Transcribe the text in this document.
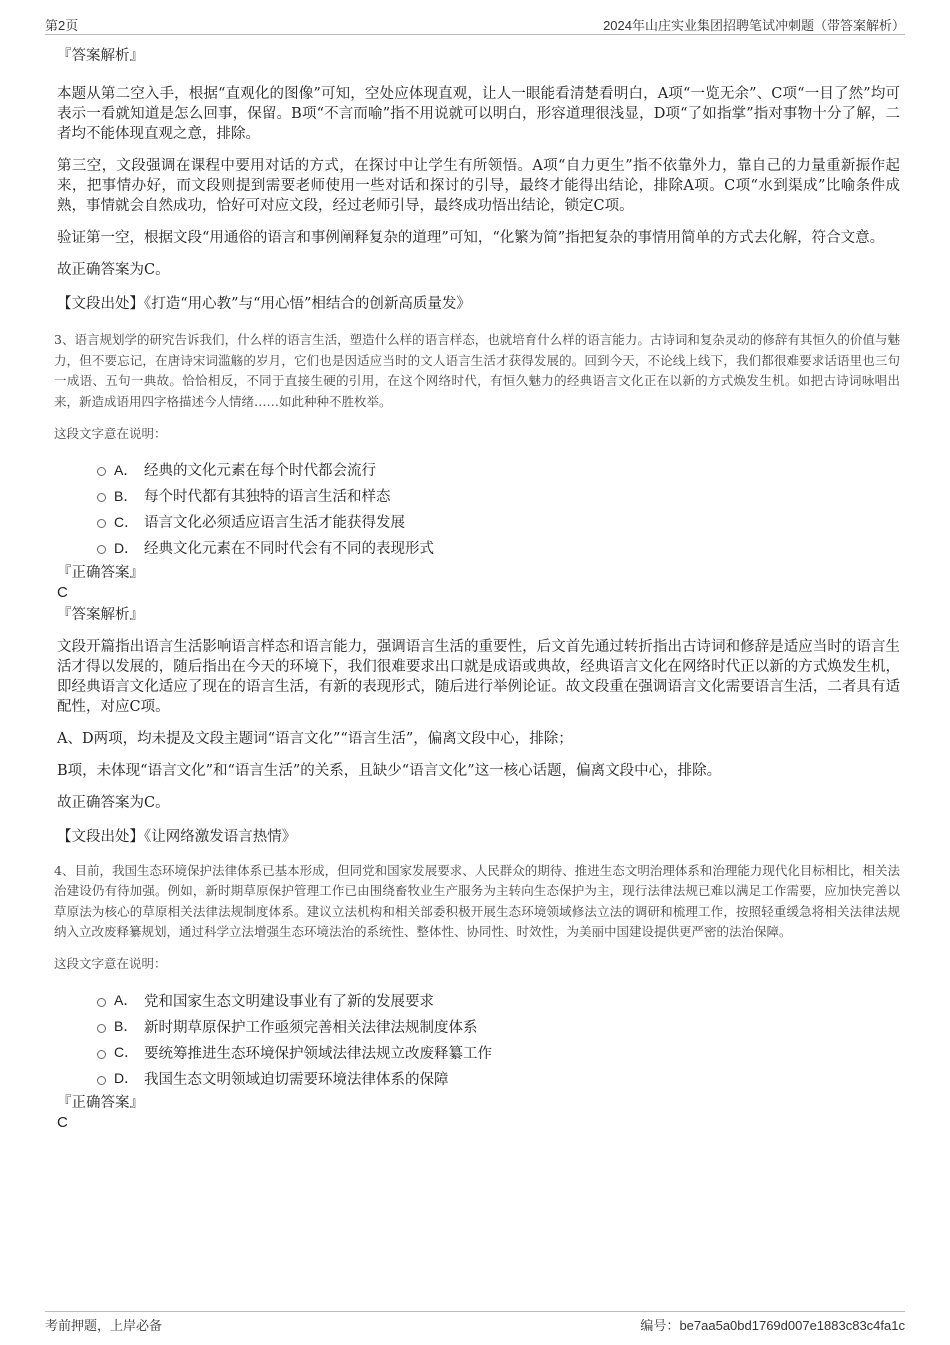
第2页	2024年山庄实业集团招聘笔试冲刺题（带答案解析）

『答案解析』

本题从第二空入手，根据“直观化的图像”可知，空处应体现直观，让人一眼能看清楚看明白，A项“一览无余”、C项“一目了然”均可表示一看就知道是怎么回事，保留。B项“不言而喻”指不用说就可以明白，形容道理很浅显，D项“了如指掌”指对事物十分了解，二者均不能体现直观之意，排除。

第三空，文段强调在课程中要用对话的方式，在探讨中让学生有所领悟。A项“自力更生”指不依靠外力，靠自己的力量重新振作起来，把事情办好，而文段则提到需要老师使用一些对话和探讨的引导，最终才能得出结论，排除A项。C项“水到渠成”比喻条件成熟，事情就会自然成功，恰好可对应文段，经过老师引导，最终成功悟出结论，锁定C项。

验证第一空，根据文段“用通俗的语言和事例阐释复杂的道理”可知，“化繁为简”指把复杂的事情用简单的方式去化解，符合文意。

故正确答案为C。

【文段出处】《打造“用心教”与“用心悟”相结合的创新高质量发》

3、语言规划学的研究告诉我们，什么样的语言生活，塑造什么样的语言样态，也就培育什么样的语言能力。古诗词和复杂灵动的修辞有其恒久的价值与魅力，但不要忘记，在唐诗宋词滥觞的岁月，它们也是因适应当时的文人语言生活才获得发展的。回到今天，不论线上线下，我们都很难要求话语里也三句一成语、五句一典故。恰恰相反，不同于直接生硬的引用，在这个网络时代，有恒久魅力的经典语言文化正在以新的方式焕发生机。如把古诗词咏唱出来，新造成语用四字格描述今人情绪……如此种种不胜枚举。

这段文字意在说明：

A． 经典的文化元素在每个时代都会流行
B． 每个时代都有其独特的语言生活和样态
C． 语言文化必须适应语言生活才能获得发展
D． 经典文化元素在不同时代会有不同的表现形式

『正确答案』

C

『答案解析』

文段开篇指出语言生活影响语言样态和语言能力，强调语言生活的重要性，后文首先通过转折指出古诗词和修辞是适应当时的语言生活才得以发展的，随后指出在今天的环境下，我们很难要求出口就是成语或典故，经典语言文化在网络时代正以新的方式焕发生机，即经典语言文化适应了现在的语言生活，有新的表现形式，随后进行举例论证。故文段重在强调语言文化需要语言生活，二者具有适配性，对应C项。

A、D两项，均未提及文段主题词“语言文化”“语言生活”，偏离文段中心，排除；

B项，未体现“语言文化”和“语言生活”的关系，且缺少“语言文化”这一核心话题，偏离文段中心，排除。

故正确答案为C。

【文段出处】《让网络激发语言热情》

4、目前，我国生态环境保护法律体系已基本形成，但同党和国家发展要求、人民群众的期待、推进生态文明治理体系和治理能力现代化目标相比，相关法治建设仍有待加强。例如，新时期草原保护管理工作已由围绕畜牧业生产服务为主转向生态保护为主，现行法律法规已难以满足工作需要，应加快完善以草原法为核心的草原相关法律法规制度体系。建议立法机构和相关部委积极开展生态环境领域修法立法的调研和梳理工作，按照轻重缓急将相关法律法规纳入立改废释纂规划，通过科学立法增强生态环境法治的系统性、整体性、协同性、时效性，为美丽中国建设提供更严密的法治保障。

这段文字意在说明：

A． 党和国家生态文明建设事业有了新的发展要求
B． 新时期草原保护工作亟须完善相关法律法规制度体系
C． 要统筹推进生态环境保护领域法律法规立改废释纂工作
D． 我国生态文明领域迫切需要环境法律体系的保障

『正确答案』

C

考前押题，上岸必备	编号：be7aa5a0bd1769d007e1883c83c4fa1c
